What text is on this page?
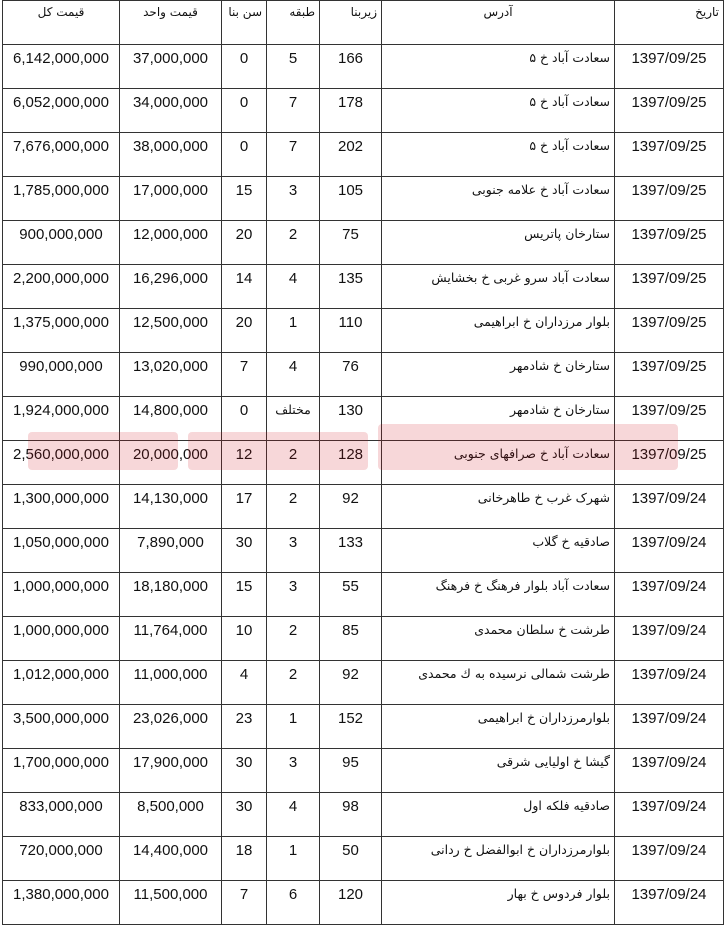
تاریخ	آدرس	زیربنا	طبقه	سن بنا	قیمت واحد	قیمت کل
1397/09/25	سعادت آباد خ ۵	166	5	0	37,000,000	6,142,000,000
1397/09/25	سعادت آباد خ ۵	178	7	0	34,000,000	6,052,000,000
1397/09/25	سعادت آباد خ ۵	202	7	0	38,000,000	7,676,000,000
1397/09/25	سعادت آباد خ علامه جنوبی	105	3	15	17,000,000	1,785,000,000
1397/09/25	ستارخان پاتریس	75	2	20	12,000,000	900,000,000
1397/09/25	سعادت آباد سرو غربی خ بخشایش	135	4	14	16,296,000	2,200,000,000
1397/09/25	بلوار مرزداران خ ابراهیمی	110	1	20	12,500,000	1,375,000,000
1397/09/25	ستارخان خ شادمهر	76	4	7	13,020,000	990,000,000
1397/09/25	ستارخان خ شادمهر	130	مختلف	0	14,800,000	1,924,000,000
1397/09/25	سعادت آباد خ صرافهای جنوبی	128	2	12	20,000,000	2,560,000,000
1397/09/24	شهرک غرب خ طاهرخانی	92	2	17	14,130,000	1,300,000,000
1397/09/24	صادقیه خ گلاب	133	3	30	7,890,000	1,050,000,000
1397/09/24	سعادت آباد بلوار فرهنگ خ فرهنگ	55	3	15	18,180,000	1,000,000,000
1397/09/24	طرشت خ سلطان محمدی	85	2	10	11,764,000	1,000,000,000
1397/09/24	طرشت شمالی نرسیده به ك محمدی	92	2	4	11,000,000	1,012,000,000
1397/09/24	بلوارمرزداران خ ابراهیمی	152	1	23	23,026,000	3,500,000,000
1397/09/24	گیشا خ اولیایی شرقی	95	3	30	17,900,000	1,700,000,000
1397/09/24	صادقیه فلکه اول	98	4	30	8,500,000	833,000,000
1397/09/24	بلوارمرزداران خ ابوالفضل خ ردانی	50	1	18	14,400,000	720,000,000
1397/09/24	بلوار فردوس خ بهار	120	6	7	11,500,000	1,380,000,000
